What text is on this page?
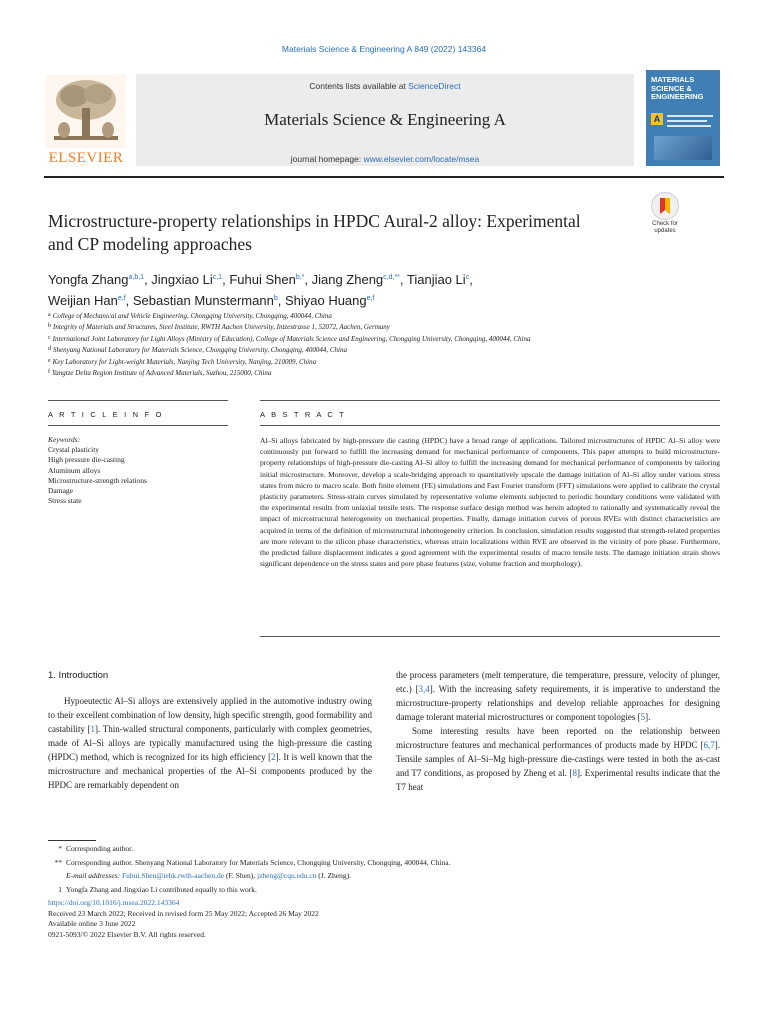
Materials Science & Engineering A 849 (2022) 143364
ELSEVIER
Contents lists available at ScienceDirect
Materials Science & Engineering A
journal homepage: www.elsevier.com/locate/msea
MATERIALS
SCIENCE &
ENGINEERING
A
Microstructure-property relationships in HPDC Aural-2 alloy: Experimental
and CP modeling approaches
Check for
updates
Yongfa Zhang$^{a,b,1}$, Jingxiao Li$^{c,1}$, Fuhui Shen$^{b,*}$, Jiang Zheng$^{c,d,**}$, Tianjiao Li$^c$,
Weijian Han$^{e,f}$, Sebastian Munstermann$^b$, Shiyao Huang$^{e,f}$
a College of Mechanical and Vehicle Engineering, Chongqing University, Chongqing, 400044, China
b Integrity of Materials and Structures, Steel Institute, RWTH Aachen University, Intzestrasse 1, 52072, Aachen, Germany
c International Joint Laboratory for Light Alloys (Ministry of Education), College of Materials Science and Engineering, Chongqing University, Chongqing, 400044, China
d Shenyang National Laboratory for Materials Science, Chongqing University, Chongqing, 400044, China
e Key Laboratory for Light-weight Materials, Nanjing Tech University, Nanjing, 210009, China
f Yangtze Delta Region Institute of Advanced Materials, Suzhou, 215000, China
A R T I C L E I N F O	A B S T R A C T
Keywords:
Crystal plasticity
High pressure die-casting
Aluminum alloys
Microstructure-strength relations
Damage
Stress state
Al–Si alloys fabricated by high-pressure die casting (HPDC) have a broad range of applications. Tailored microstructures of HPDC Al–Si alloy were continuously put forward to fulfill the increasing demand for mechanical performance of components. This paper attempts to build microstructure-property relationships of high-pressure die-casting Al–Si alloy to fulfill the increasing demand for mechanical performance of components by tailoring initial microstructure. Moreover, develop a scale-bridging approach to quantitatively upscale the damage initiation of Al–Si alloy under various stress states from micro to macro scale. Both finite element (FE) simulations and Fast Fourier transform (FFT) simulations were applied to calibrate the crystal plasticity parameters. Stress-strain curves simulated by representative volume elements subjected to periodic boundary conditions were validated with the experimental results from uniaxial tensile tests. The response surface design method was herein adopted to rationally and systematically reveal the impact of microstructural heterogeneity on mechanical properties. Finally, damage initiation curves of porous RVEs with distinct characteristics are acquired in terms of the definition of microstructural inhomogeneity criterion. In conclusion, simulation results suggested that strength-related properties are more relevant to the silicon phase characteristics, whereas strain localizations within RVE are observed in the vicinity of pore phase. Furthermore, the predicted failure displacement indicates a good agreement with the experimental results of macro tensile tests. The damage initiation strain shows significant dependence on the stress states and pore phase features (size, volume fraction and morphology).
1. Introduction

Hypoeutectic Al–Si alloys are extensively applied in the automotive industry owing to their excellent combination of low density, high specific strength, good formability and castability [1]. Thin-walled structural components, particularly with complex geometries, made of Al–Si alloys are typically manufactured using the high-pressure die casting (HPDC) method, which is recognized for its high efficiency [2]. It is well known that the microstructure and mechanical properties of the Al–Si components produced by the HPDC are remarkably dependent on

the process parameters (melt temperature, die temperature, pressure, velocity of plunger, etc.) [3,4]. With the increasing safety requirements, it is imperative to understand the microstructure-property relationships and develop reliable approaches for designing damage tolerant material microstructures or component topologies [5].

Some interesting results have been reported on the relationship between microstructure features and mechanical performances of products made by HPDC [6,7]. Tensile samples of Al–Si–Mg high-pressure die-castings were tested in both the as-cast and T7 conditions, as proposed by Zheng et al. [8]. Experimental results indicate that the T7 heat

* Corresponding author.
** Corresponding author. Shenyang National Laboratory for Materials Science, Chongqing University, Chongqing, 400044, China.
E-mail addresses: Fuhui.Shen@iehk.rwth-aachen.de (F. Shen), jzheng@cqu.edu.cn (J. Zheng).
1 Yongfa Zhang and Jingxiao Li contributed equally to this work.
https://doi.org/10.1016/j.msea.2022.143364
Received 23 March 2022; Received in revised form 25 May 2022; Accepted 26 May 2022
Available online 3 June 2022
0921-5093/© 2022 Elsevier B.V. All rights reserved.
